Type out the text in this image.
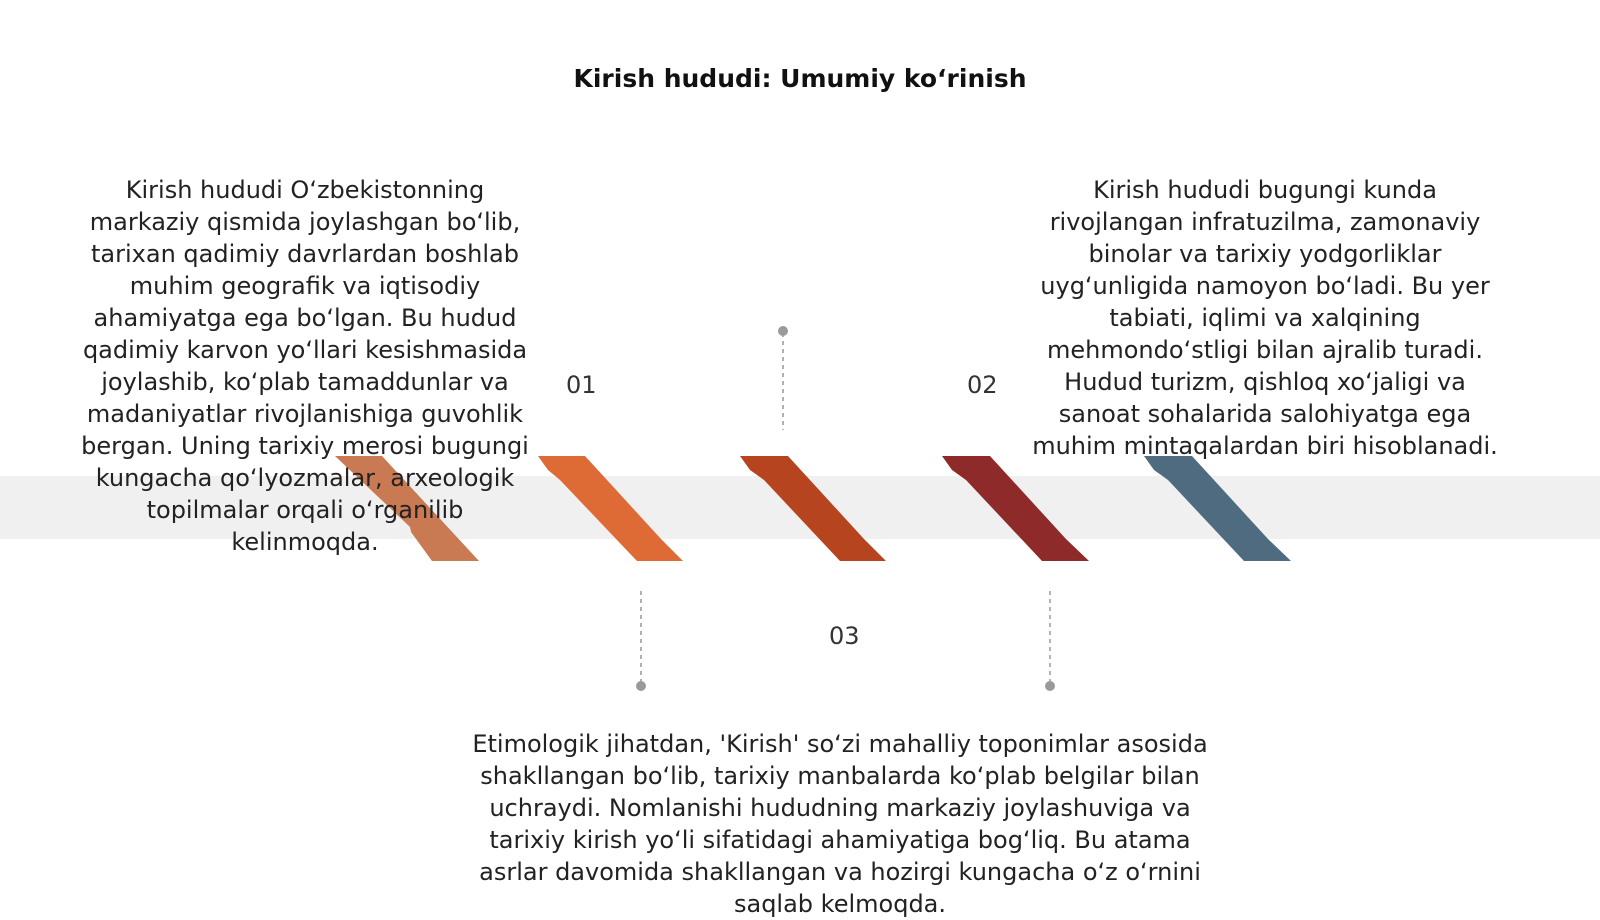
Kirish hududi: Umumiy ko‘rinish

Kirish hududi O‘zbekistonning markaziy qismida joylashgan bo‘lib, tarixan qadimiy davrlardan boshlab muhim geografik va iqtisodiy ahamiyatga ega bo‘lgan. Bu hudud qadimiy karvon yo‘llari kesishmasida joylashib, ko‘plab tamaddunlar va madaniyatlar rivojlanishiga guvohlik bergan. Uning tarixiy merosi bugungi kungacha qo‘lyozmalar, arxeologik topilmalar orqali o‘rganilib kelinmoqda.

Kirish hududi bugungi kunda rivojlangan infratuzilma, zamonaviy binolar va tarixiy yodgorliklar uyg‘unligida namoyon bo‘ladi. Bu yer tabiati, iqlimi va xalqining mehmondo‘stligi bilan ajralib turadi. Hudud turizm, qishloq xo‘jaligi va sanoat sohalarida salohiyatga ega muhim mintaqalardan biri hisoblanadi.

Etimologik jihatdan, 'Kirish' so‘zi mahalliy toponimlar asosida shakllangan bo‘lib, tarixiy manbalarda ko‘plab belgilar bilan uchraydi. Nomlanishi hududning markaziy joylashuviga va tarixiy kirish yo‘li sifatidagi ahamiyatiga bog‘liq. Bu atama asrlar davomida shakllangan va hozirgi kungacha o‘z o‘rnini saqlab kelmoqda.

01	02
03
